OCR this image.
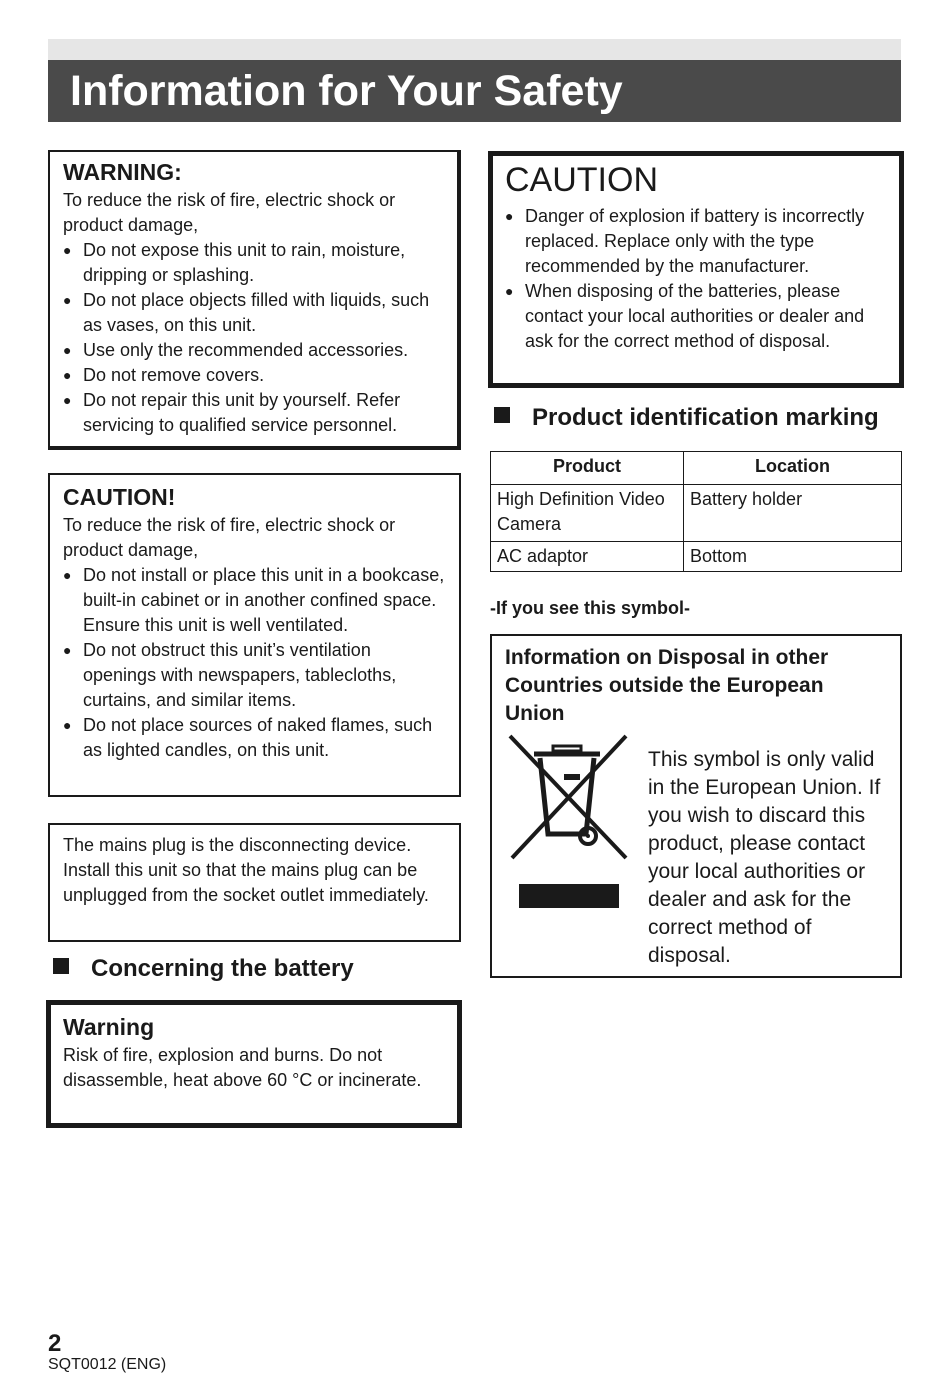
Information for Your Safety
WARNING:
To reduce the risk of fire, electric shock or product damage,
● Do not expose this unit to rain, moisture, dripping or splashing.
● Do not place objects filled with liquids, such as vases, on this unit.
● Use only the recommended accessories.
● Do not remove covers.
● Do not repair this unit by yourself. Refer servicing to qualified service personnel.
CAUTION!
To reduce the risk of fire, electric shock or product damage,
● Do not install or place this unit in a bookcase, built-in cabinet or in another confined space. Ensure this unit is well ventilated.
● Do not obstruct this unit’s ventilation openings with newspapers, tablecloths, curtains, and similar items.
● Do not place sources of naked flames, such as lighted candles, on this unit.
The mains plug is the disconnecting device. Install this unit so that the mains plug can be unplugged from the socket outlet immediately.
Concerning the battery
Warning
Risk of fire, explosion and burns. Do not disassemble, heat above 60 °C or incinerate.
CAUTION
● Danger of explosion if battery is incorrectly replaced. Replace only with the type recommended by the manufacturer.
● When disposing of the batteries, please contact your local authorities or dealer and ask for the correct method of disposal.
Product identification marking
Product	Location
High Definition Video Camera	Battery holder
AC adaptor	Bottom
-If you see this symbol-
Information on Disposal in other Countries outside the European Union
This symbol is only valid in the European Union. If you wish to discard this product, please contact your local authorities or dealer and ask for the correct method of disposal.
2
SQT0012 (ENG)
